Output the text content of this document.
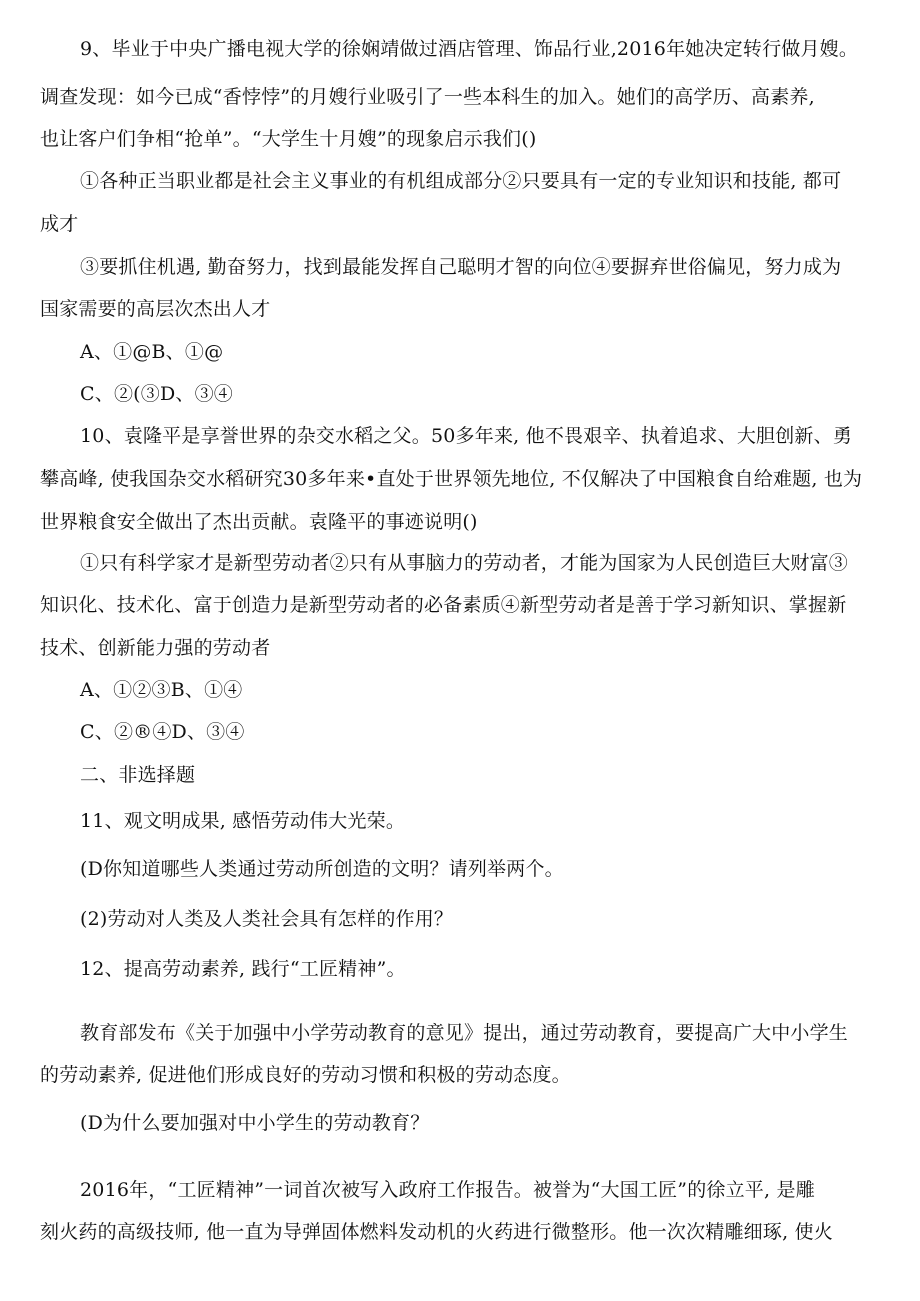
9、毕业于中央广播电视大学的徐娴靖做过酒店管理、饰品行业,2016年她决定转行做月嫂。
调查发现：如今已成“香悖悖”的月嫂行业吸引了一些本科生的加入。她们的高学历、高素养,
也让客户们争相“抢单”。“大学生十月嫂”的现象启示我们()
①各种正当职业都是社会主义事业的有机组成部分②只要具有一定的专业知识和技能, 都可
成才
③要抓住机遇, 勤奋努力，找到最能发挥自己聪明才智的向位④要摒弃世俗偏见，努力成为
国家需要的高层次杰出人才
A、①@B、①@
C、②(③D、③④
10、袁隆平是享誉世界的杂交水稻之父。50多年来, 他不畏艰辛、执着追求、大胆创新、勇
攀高峰, 使我国杂交水稻研究30多年来•直处于世界领先地位, 不仅解决了中国粮食自给难题, 也为
世界粮食安全做出了杰出贡献。袁隆平的事迹说明()
①只有科学家才是新型劳动者②只有从事脑力的劳动者，才能为国家为人民创造巨大财富③
知识化、技术化、富于创造力是新型劳动者的必备素质④新型劳动者是善于学习新知识、掌握新
技术、创新能力强的劳动者
A、①②③B、①④
C、②®④D、③④
二、非选择题
11、观文明成果, 感悟劳动伟大光荣。
(D你知道哪些人类通过劳动所创造的文明？请列举两个。
(2)劳动对人类及人类社会具有怎样的作用？
12、提高劳动素养, 践行“工匠精神”。
教育部发布《关于加强中小学劳动教育的意见》提出，通过劳动教育，要提高广大中小学生
的劳动素养, 促进他们形成良好的劳动习惯和积极的劳动态度。
(D为什么要加强对中小学生的劳动教育？
2016年，“工匠精神”一词首次被写入政府工作报告。被誉为“大国工匠”的徐立平, 是雕
刻火药的高级技师, 他一直为导弹固体燃料发动机的火药进行微整形。他一次次精雕细琢, 使火
